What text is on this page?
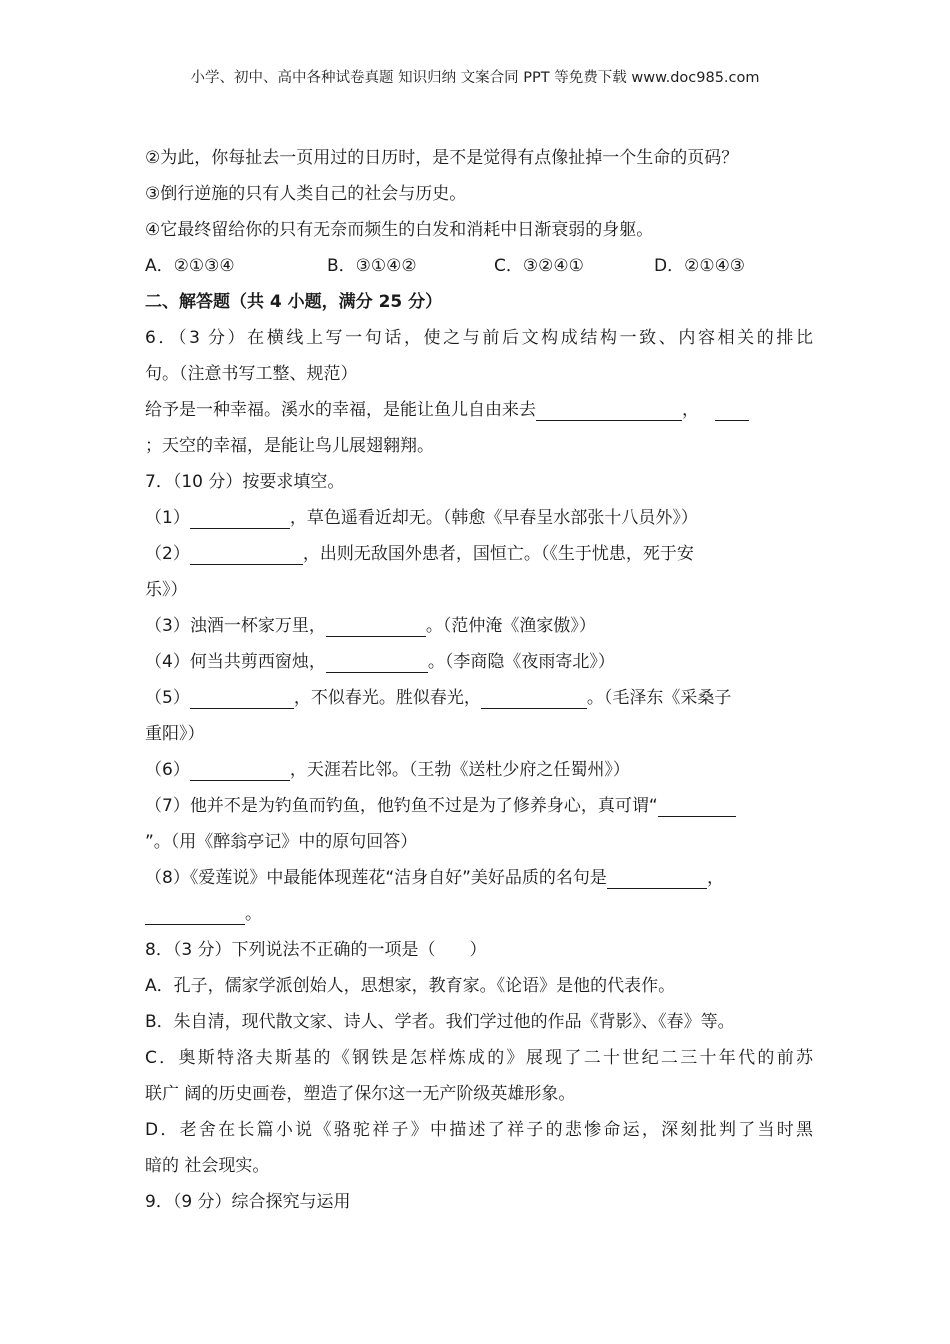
小学、初中、高中各种试卷真题 知识归纳 文案合同 PPT 等免费下载 www.doc985.com
②为此，你每扯去一页用过的日历时，是不是觉得有点像扯掉一个生命的页码？
③倒行逆施的只有人类自己的社会与历史。
④它最终留给你的只有无奈而频生的白发和消耗中日渐衰弱的身躯。
A．②①③④	B．③①④②	C．③②④①	D．②①④③
二、解答题（共 4 小题，满分 25 分）
6．（3 分）在横线上写一句话，使之与前后文构成结构一致、内容相关的排比
句。（注意书写工整、规范）
给予是一种幸福。溪水的幸福，是能让鱼儿自由来去	，
；天空的幸福，是能让鸟儿展翅翱翔。
7．（10 分）按要求填空。
（1）	，草色遥看近却无。（韩愈《早春呈水部张十八员外》）
（2）	，出则无敌国外患者，国恒亡。（《生于忧患，死于安
乐》）
（3）浊酒一杯家万里，	。（范仲淹《渔家傲》）
（4）何当共剪西窗烛，	。（李商隐《夜雨寄北》）
（5）	，不似春光。胜似春光，	。（毛泽东《采桑子
重阳》）
（6）	，天涯若比邻。（王勃《送杜少府之任蜀州》）
（7）他并不是为钓鱼而钓鱼，他钓鱼不过是为了修养身心，真可谓“
”。（用《醉翁亭记》中的原句回答）
（8）《爱莲说》中最能体现莲花“洁身自好”美好品质的名句是	，
。
8．（3 分）下列说法不正确的一项是（　　）
A．孔子，儒家学派创始人，思想家，教育家。《论语》是他的代表作。
B．朱自清，现代散文家、诗人、学者。我们学过他的作品《背影》、《春》等。
C．奥斯特洛夫斯基的《钢铁是怎样炼成的》展现了二十世纪二三十年代的前苏
联广 阔的历史画卷，塑造了保尔这一无产阶级英雄形象。
D．老舍在长篇小说《骆驼祥子》中描述了祥子的悲惨命运，深刻批判了当时黑
暗的 社会现实。
9．（9 分）综合探究与运用
